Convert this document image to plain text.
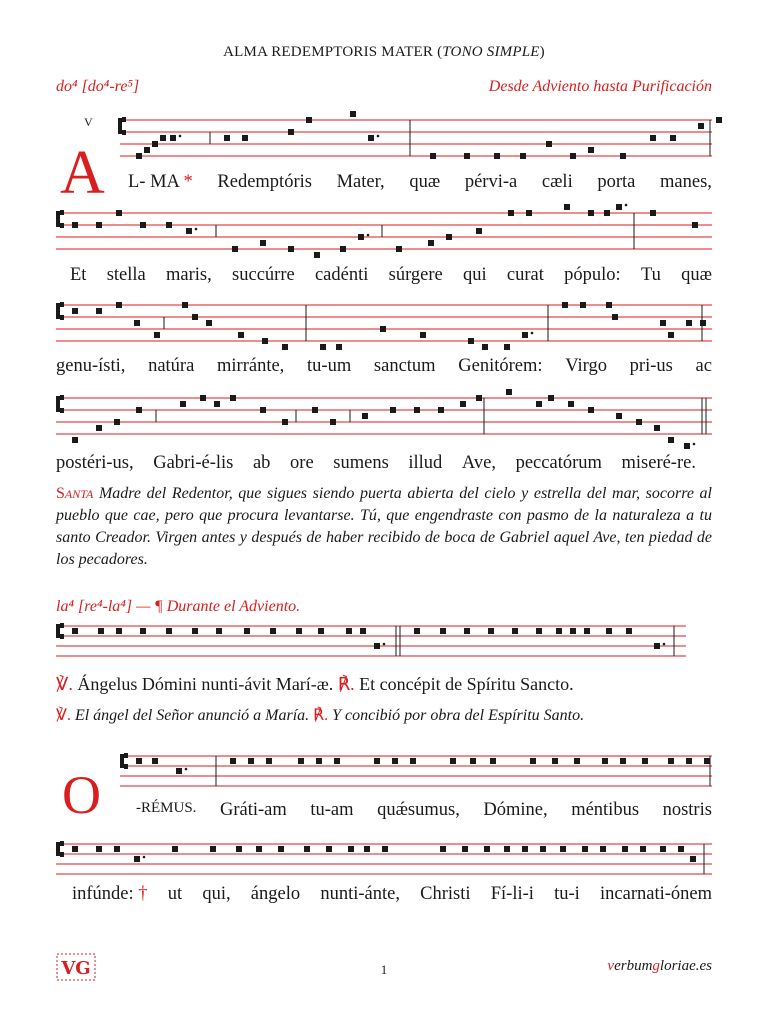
ALMA REDEMPTORIS MATER (TONO SIMPLE)
do⁴ [do⁴-re⁵]	Desde Adviento hasta Purificación
V
A L- MA * Redemptóris Mater, quæ pérvi-a cæli porta manes,
Et stella maris, succúrre cadénti súrgere qui curat pópulo: Tu quæ
genu-ísti, natúra mirránte, tu-um sanctum Genitórem: Virgo pri-us ac
postéri-us, Gabri-é-lis ab ore sumens illud Ave, peccatórum miseré-re.
SANTA Madre del Redentor, que sigues siendo puerta abierta del cielo y estrella del mar, socorre al pueblo que cae, pero que procura levantarse. Tú, que engendraste con pasmo de la naturaleza a tu santo Creador. Virgen antes y después de haber recibido de boca de Gabriel aquel Ave, ten piedad de los pecadores.
la⁴ [re⁴-la⁴] — ¶ Durante el Adviento.
℣. Ángelus Dómini nunti-ávit Marí-æ. ℟. Et concépit de Spíritu Sancto.
℣. El ángel del Señor anunció a María. ℟. Y concibió por obra del Espíritu Santo.
O -RÉMUS. Gráti-am tu-am quǽsumus, Dómine, méntibus nostris
infúnde: † ut qui, ángelo nunti-ánte, Christi Fí-li-i tu-i incarnati-ónem
VG	1	verbumgloriae.es
